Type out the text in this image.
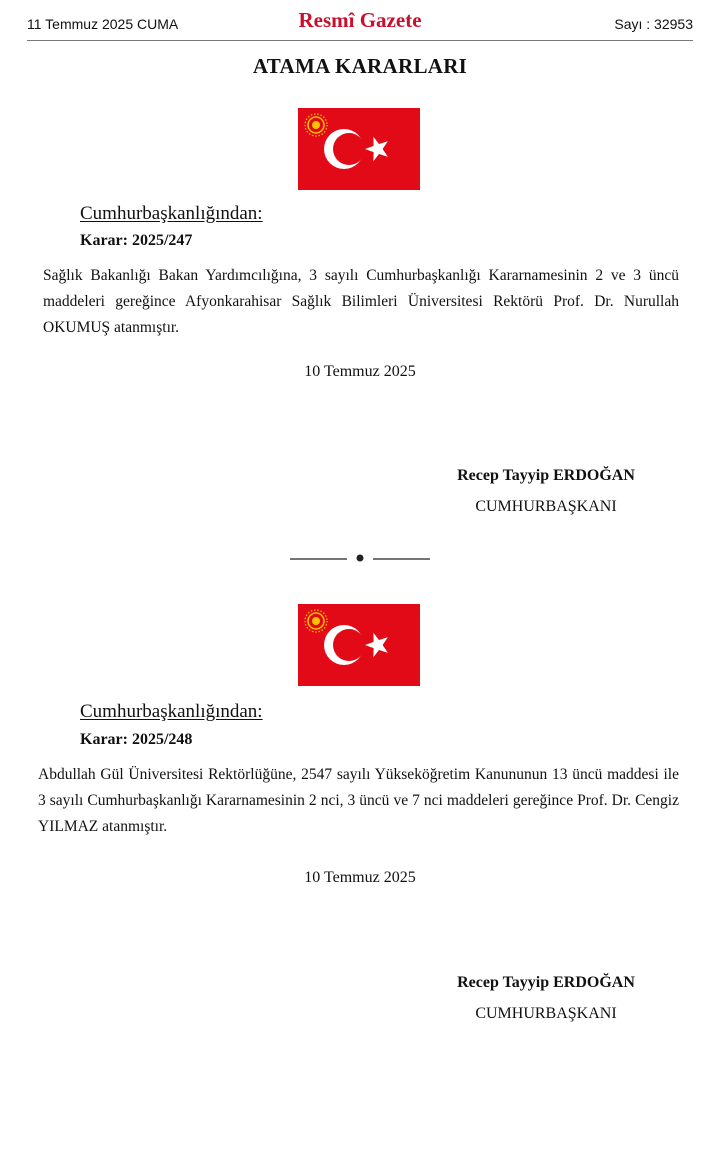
11 Temmuz 2025 CUMA	Resmî Gazete	Sayı : 32953
ATAMA KARARLARI
Cumhurbaşkanlığından:
Karar: 2025/247
Sağlık Bakanlığı Bakan Yardımcılığına, 3 sayılı Cumhurbaşkanlığı Kararnamesinin 2 ve 3 üncü maddeleri gereğince Afyonkarahisar Sağlık Bilimleri Üniversitesi Rektörü Prof. Dr. Nurullah OKUMUŞ atanmıştır.
10 Temmuz 2025
Recep Tayyip ERDOĞAN
CUMHURBAŞKANI
Cumhurbaşkanlığından:
Karar: 2025/248
Abdullah Gül Üniversitesi Rektörlüğüne, 2547 sayılı Yükseköğretim Kanununun 13 üncü maddesi ile 3 sayılı Cumhurbaşkanlığı Kararnamesinin 2 nci, 3 üncü ve 7 nci maddeleri gereğince Prof. Dr. Cengiz YILMAZ atanmıştır.
10 Temmuz 2025
Recep Tayyip ERDOĞAN
CUMHURBAŞKANI
